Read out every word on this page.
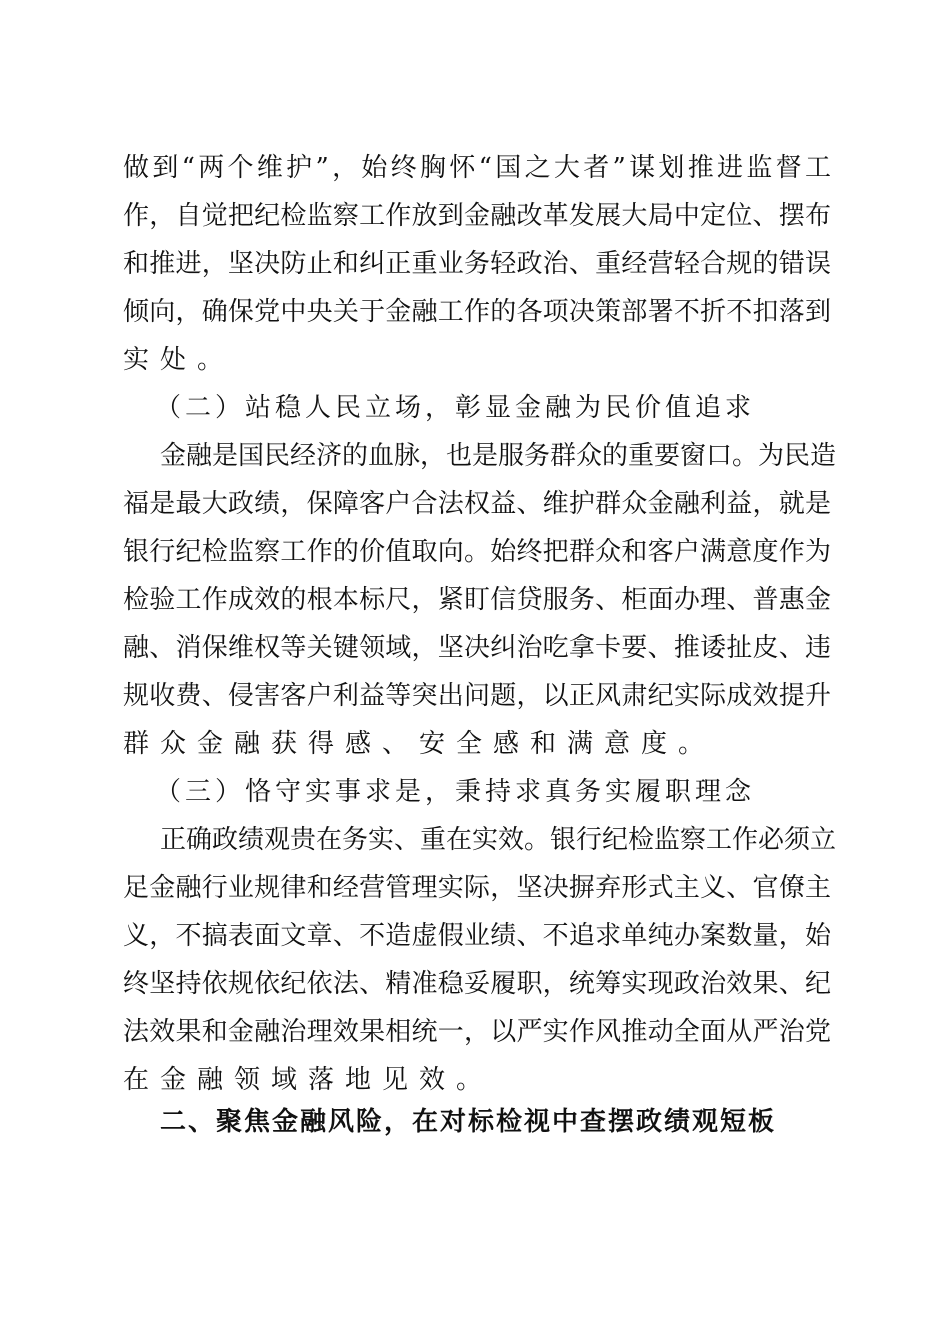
做到“两个维护”，始终胸怀“国之大者”谋划推进监督工
作，自觉把纪检监察工作放到金融改革发展大局中定位、摆布
和推进，坚决防止和纠正重业务轻政治、重经营轻合规的错误
倾向，确保党中央关于金融工作的各项决策部署不折不扣落到
实处。
（二）站稳人民立场，彰显金融为民价值追求
金融是国民经济的血脉，也是服务群众的重要窗口。为民造
福是最大政绩，保障客户合法权益、维护群众金融利益，就是
银行纪检监察工作的价值取向。始终把群众和客户满意度作为
检验工作成效的根本标尺，紧盯信贷服务、柜面办理、普惠金
融、消保维权等关键领域，坚决纠治吃拿卡要、推诿扯皮、违
规收费、侵害客户利益等突出问题，以正风肃纪实际成效提升
群众金融获得感、安全感和满意度。
（三）恪守实事求是，秉持求真务实履职理念
正确政绩观贵在务实、重在实效。银行纪检监察工作必须立
足金融行业规律和经营管理实际，坚决摒弃形式主义、官僚主
义，不搞表面文章、不造虚假业绩、不追求单纯办案数量，始
终坚持依规依纪依法、精准稳妥履职，统筹实现政治效果、纪
法效果和金融治理效果相统一，以严实作风推动全面从严治党
在金融领域落地见效。
二、聚焦金融风险，在对标检视中查摆政绩观短板
